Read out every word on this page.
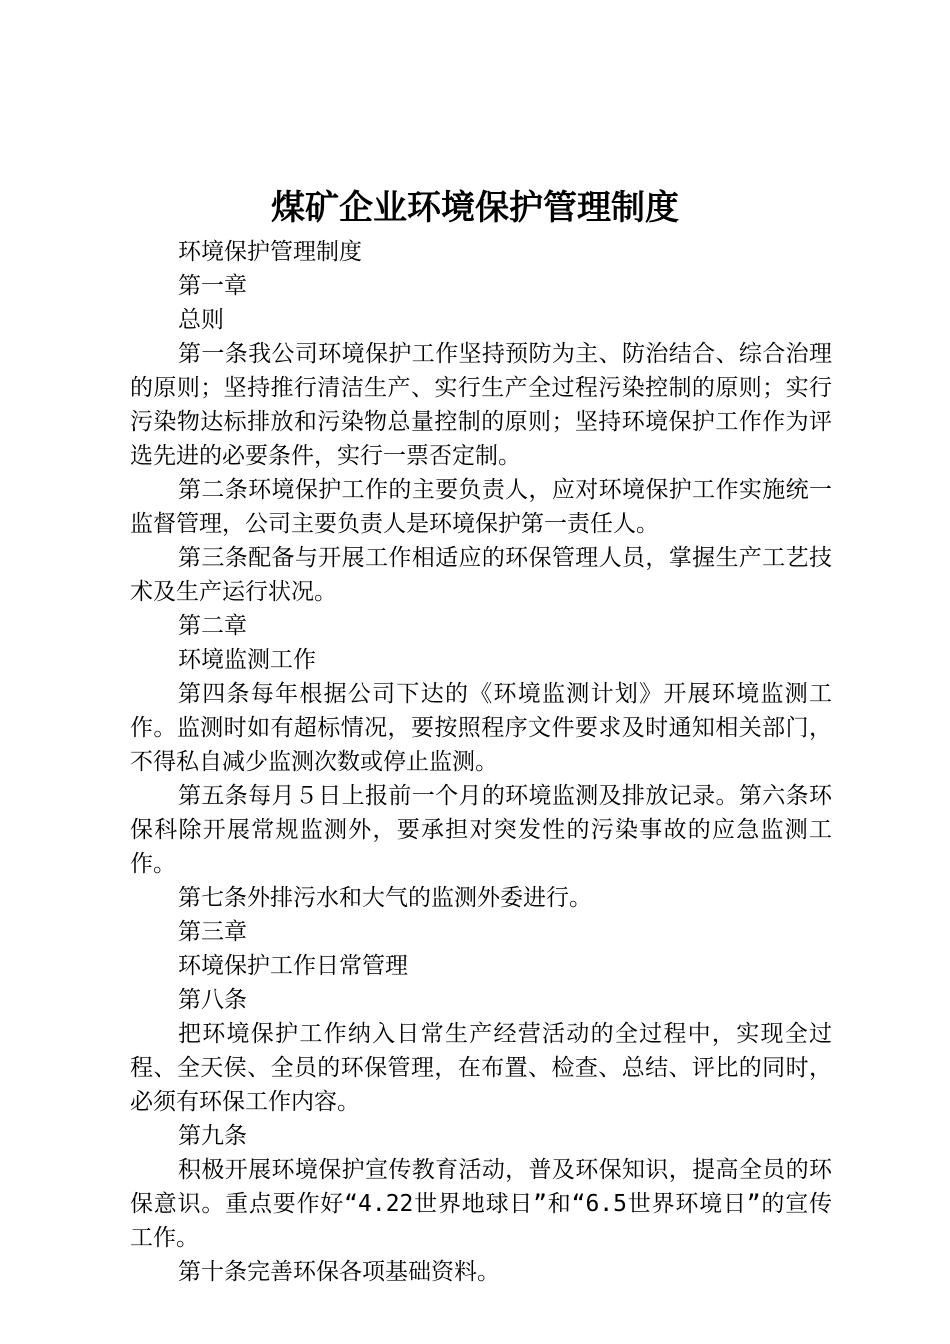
煤矿企业环境保护管理制度

环境保护管理制度

第一章

总则

第一条我公司环境保护工作坚持预防为主、防治结合、综合治理的原则；坚持推行清洁生产、实行生产全过程污染控制的原则；实行污染物达标排放和污染物总量控制的原则；坚持环境保护工作作为评选先进的必要条件，实行一票否定制。

第二条环境保护工作的主要负责人，应对环境保护工作实施统一监督管理，公司主要负责人是环境保护第一责任人。

第三条配备与开展工作相适应的环保管理人员，掌握生产工艺技术及生产运行状况。

第二章

环境监测工作

第四条每年根据公司下达的《环境监测计划》开展环境监测工作。监测时如有超标情况，要按照程序文件要求及时通知相关部门，不得私自减少监测次数或停止监测。

第五条每月５日上报前一个月的环境监测及排放记录。第六条环保科除开展常规监测外，要承担对突发性的污染事故的应急监测工作。

第七条外排污水和大气的监测外委进行。

第三章

环境保护工作日常管理

第八条

把环境保护工作纳入日常生产经营活动的全过程中，实现全过程、全天侯、全员的环保管理，在布置、检查、总结、评比的同时，必须有环保工作内容。

第九条

积极开展环境保护宣传教育活动，普及环保知识，提高全员的环保意识。重点要作好“4.22世界地球日”和“6.5世界环境日”的宣传工作。

第十条完善环保各项基础资料。
